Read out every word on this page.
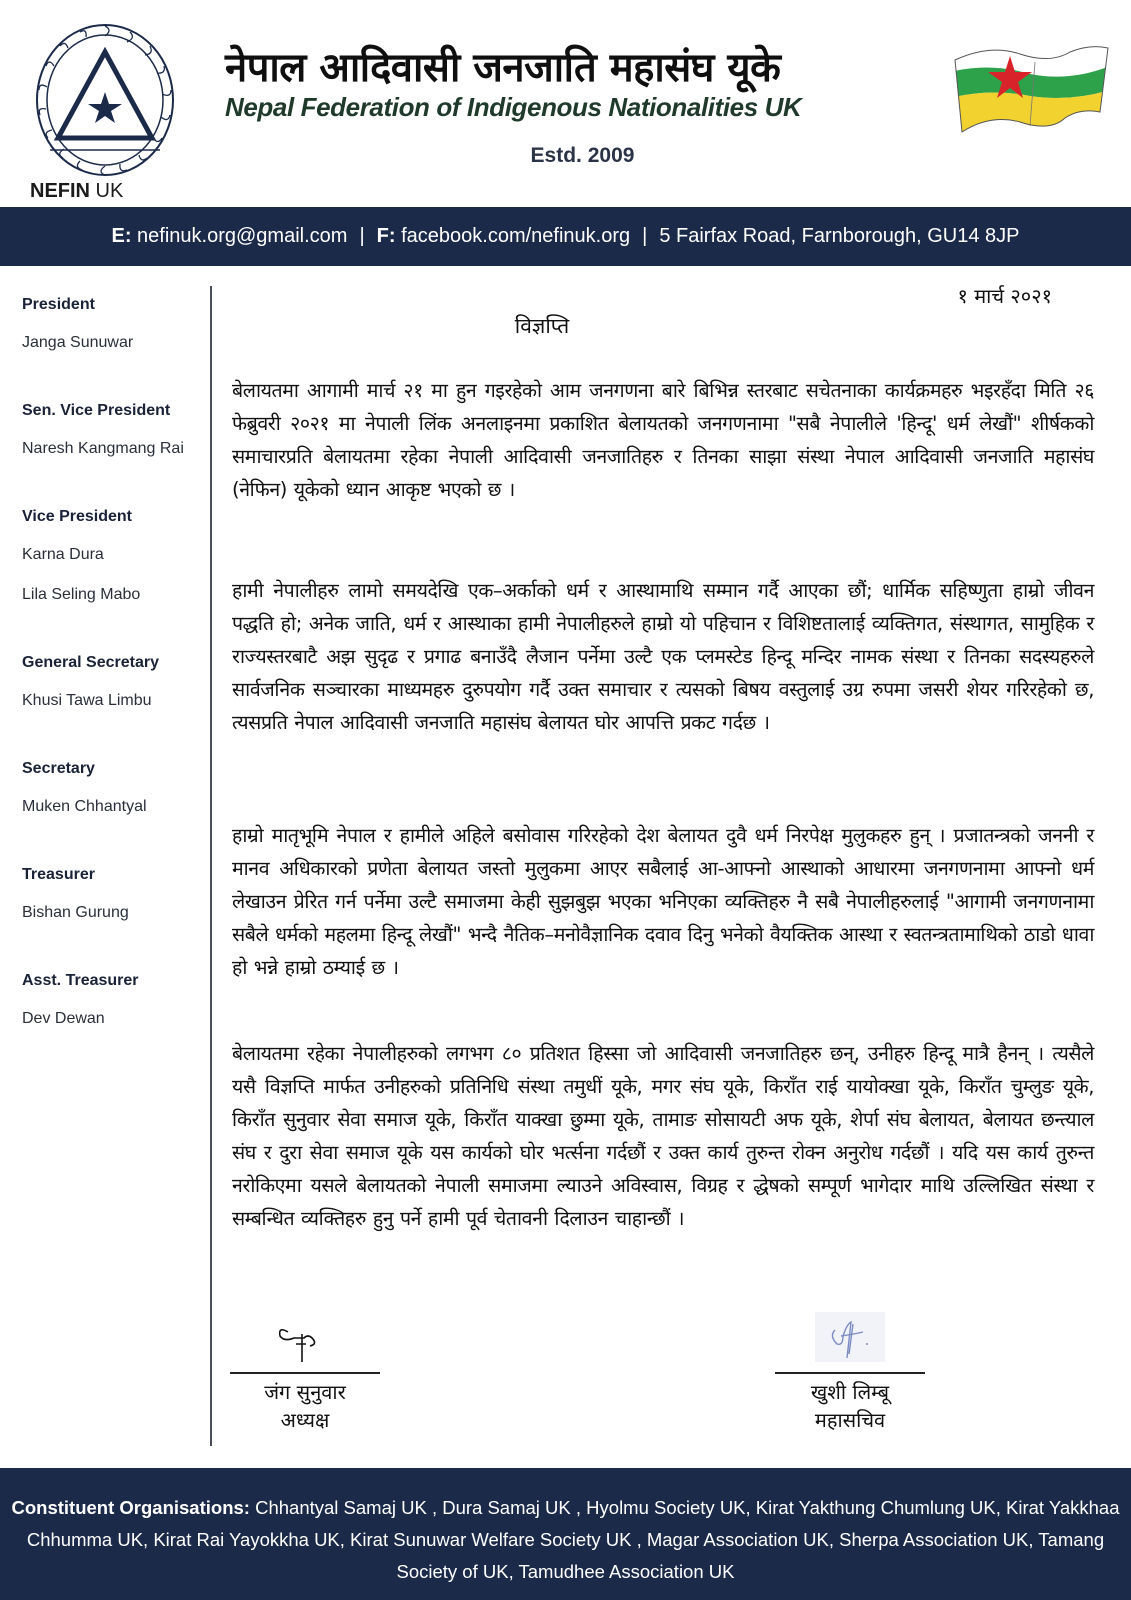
NEFIN UK
नेपाल आदिवासी जनजाति महासंघ यूके
Nepal Federation of Indigenous Nationalities UK
Estd. 2009
E: nefinuk.org@gmail.com | F: facebook.com/nefinuk.org | 5 Fairfax Road, Farnborough, GU14 8JP
President
Janga Sunuwar
Sen. Vice President
Naresh Kangmang Rai
Vice President
Karna Dura
Lila Seling Mabo
General Secretary
Khusi Tawa Limbu
Secretary
Muken Chhantyal
Treasurer
Bishan Gurung
Asst. Treasurer
Dev Dewan
१ मार्च २०२१
विज्ञप्ति

बेलायतमा आगामी मार्च २१ मा हुन गइरहेको आम जनगणना बारे बिभिन्न स्तरबाट सचेतनाका कार्यक्रमहरु भइरहँदा मिति २६ फेब्रुवरी २०२१ मा नेपाली लिंक अनलाइनमा प्रकाशित बेलायतको जनगणनामा "सबै नेपालीले 'हिन्दू' धर्म लेखौं" शीर्षकको समाचारप्रति बेलायतमा रहेका नेपाली आदिवासी जनजातिहरु र तिनका साझा संस्था नेपाल आदिवासी जनजाति महासंघ (नेफिन) यूकेको ध्यान आकृष्ट भएको छ ।

हामी नेपालीहरु लामो समयदेखि एक–अर्काको धर्म र आस्थामाथि सम्मान गर्दै आएका छौं; धार्मिक सहिष्णुता हाम्रो जीवन पद्धति हो; अनेक जाति, धर्म र आस्थाका हामी नेपालीहरुले हाम्रो यो पहिचान र विशिष्टतालाई व्यक्तिगत, संस्थागत, सामुहिक र राज्यस्तरबाटै अझ सुदृढ र प्रगाढ बनाउँदै लैजान पर्नेमा उल्टै एक प्लमस्टेड हिन्दू मन्दिर नामक संस्था र तिनका सदस्यहरुले सार्वजनिक सञ्चारका माध्यमहरु दुरुपयोग गर्दै उक्त समाचार र त्यसको बिषय वस्तुलाई उग्र रुपमा जसरी शेयर गरिरहेको छ, त्यसप्रति नेपाल आदिवासी जनजाति महासंघ बेलायत घोर आपत्ति प्रकट गर्दछ ।

हाम्रो मातृभूमि नेपाल र हामीले अहिले बसोवास गरिरहेको देश बेलायत दुवै धर्म निरपेक्ष मुलुकहरु हुन् । प्रजातन्त्रको जननी र मानव अधिकारको प्रणेता बेलायत जस्तो मुलुकमा आएर सबैलाई आ-आफ्नो आस्थाको आधारमा जनगणनामा आफ्नो धर्म लेखाउन प्रेरित गर्न पर्नेमा उल्टै समाजमा केही सुझबुझ भएका भनिएका व्यक्तिहरु नै सबै नेपालीहरुलाई "आगामी जनगणनामा सबैले धर्मको महलमा हिन्दू लेखौं" भन्दै नैतिक–मनोवैज्ञानिक दवाव दिनु भनेको वैयक्तिक आस्था र स्वतन्त्रतामाथिको ठाडो धावा हो भन्ने हाम्रो ठम्याई छ ।

बेलायतमा रहेका नेपालीहरुको लगभग ८० प्रतिशत हिस्सा जो आदिवासी जनजातिहरु छन्, उनीहरु हिन्दू मात्रै हैनन् । त्यसैले यसै विज्ञप्ति मार्फत उनीहरुको प्रतिनिधि संस्था तमुधीं यूके, मगर संघ यूके, किराँत राई यायोक्खा यूके, किराँत चुम्लुङ यूके, किराँत सुनुवार सेवा समाज यूके, किराँत याक्खा छुम्मा यूके, तामाङ सोसायटी अफ यूके, शेर्पा संघ बेलायत, बेलायत छन्त्याल संघ र दुरा सेवा समाज यूके यस कार्यको घोर भर्त्सना गर्दछौं र उक्त कार्य तुरुन्त रोक्न अनुरोध गर्दछौं । यदि यस कार्य तुरुन्त नरोकिएमा यसले बेलायतको नेपाली समाजमा ल्याउने अविस्वास, विग्रह र द्धेषको सम्पूर्ण भागेदार माथि उल्लिखित संस्था र सम्बन्धित व्यक्तिहरु हुनु पर्ने हामी पूर्व चेतावनी दिलाउन चाहान्छौं ।

जंग सुनुवार
अध्यक्ष
खुशी लिम्बू
महासचिव
Constituent Organisations: Chhantyal Samaj UK , Dura Samaj UK , Hyolmu Society UK, Kirat Yakthung Chumlung UK, Kirat Yakkhaa Chhumma UK, Kirat Rai Yayokkha UK, Kirat Sunuwar Welfare Society UK , Magar Association UK, Sherpa Association UK, Tamang Society of UK, Tamudhee Association UK
